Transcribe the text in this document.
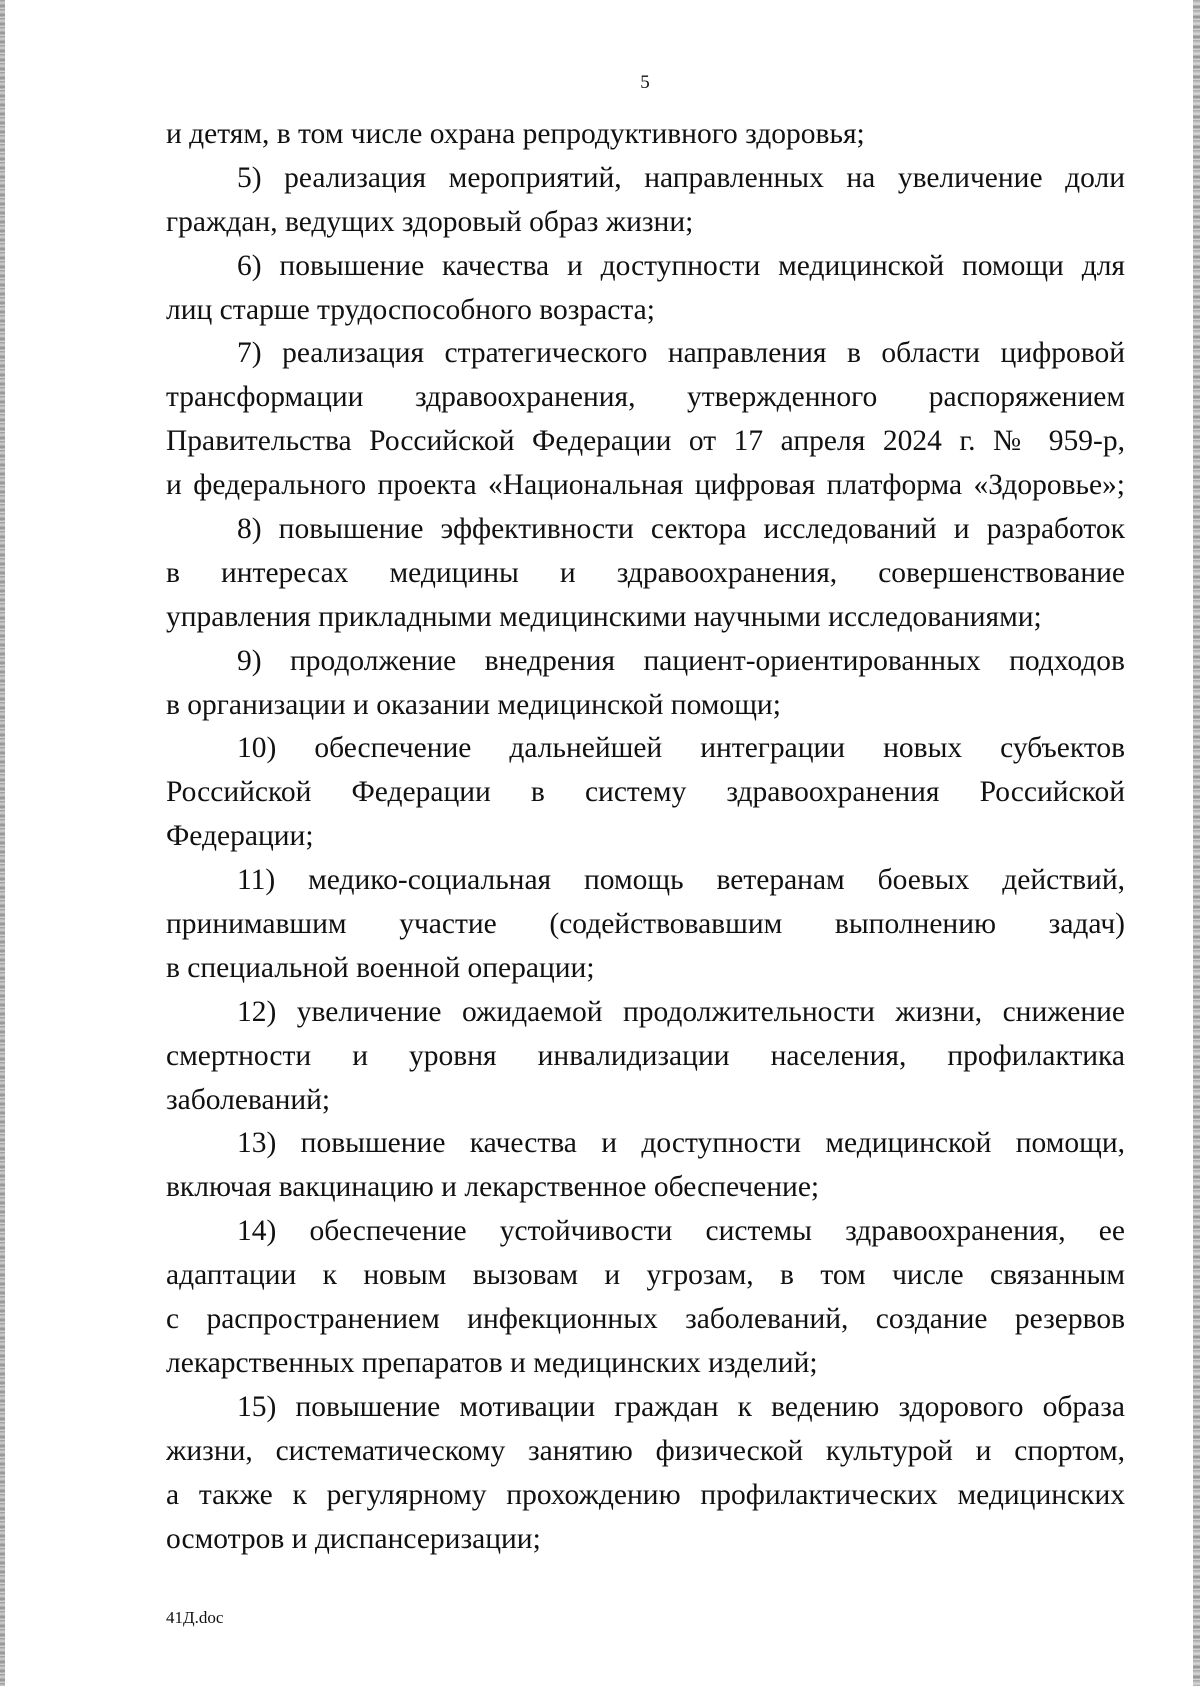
5
и детям, в том числе охрана репродуктивного здоровья;
5) реализация мероприятий, направленных на увеличение доли
граждан, ведущих здоровый образ жизни;
6) повышение качества и доступности медицинской помощи для
лиц старше трудоспособного возраста;
7) реализация стратегического направления в области цифровой
трансформации здравоохранения, утвержденного распоряжением
Правительства Российской Федерации от 17 апреля 2024 г. № 959-р,
и федерального проекта «Национальная цифровая платформа «Здоровье»;
8) повышение эффективности сектора исследований и разработок
в интересах медицины и здравоохранения, совершенствование
управления прикладными медицинскими научными исследованиями;
9) продолжение внедрения пациент-ориентированных подходов
в организации и оказании медицинской помощи;
10) обеспечение дальнейшей интеграции новых субъектов
Российской Федерации в систему здравоохранения Российской
Федерации;
11) медико-социальная помощь ветеранам боевых действий,
принимавшим участие (содействовавшим выполнению задач)
в специальной военной операции;
12) увеличение ожидаемой продолжительности жизни, снижение
смертности и уровня инвалидизации населения, профилактика
заболеваний;
13) повышение качества и доступности медицинской помощи,
включая вакцинацию и лекарственное обеспечение;
14) обеспечение устойчивости системы здравоохранения, ее
адаптации к новым вызовам и угрозам, в том числе связанным
с распространением инфекционных заболеваний, создание резервов
лекарственных препаратов и медицинских изделий;
15) повышение мотивации граждан к ведению здорового образа
жизни, систематическому занятию физической культурой и спортом,
а также к регулярному прохождению профилактических медицинских
осмотров и диспансеризации;
41Д.doc
